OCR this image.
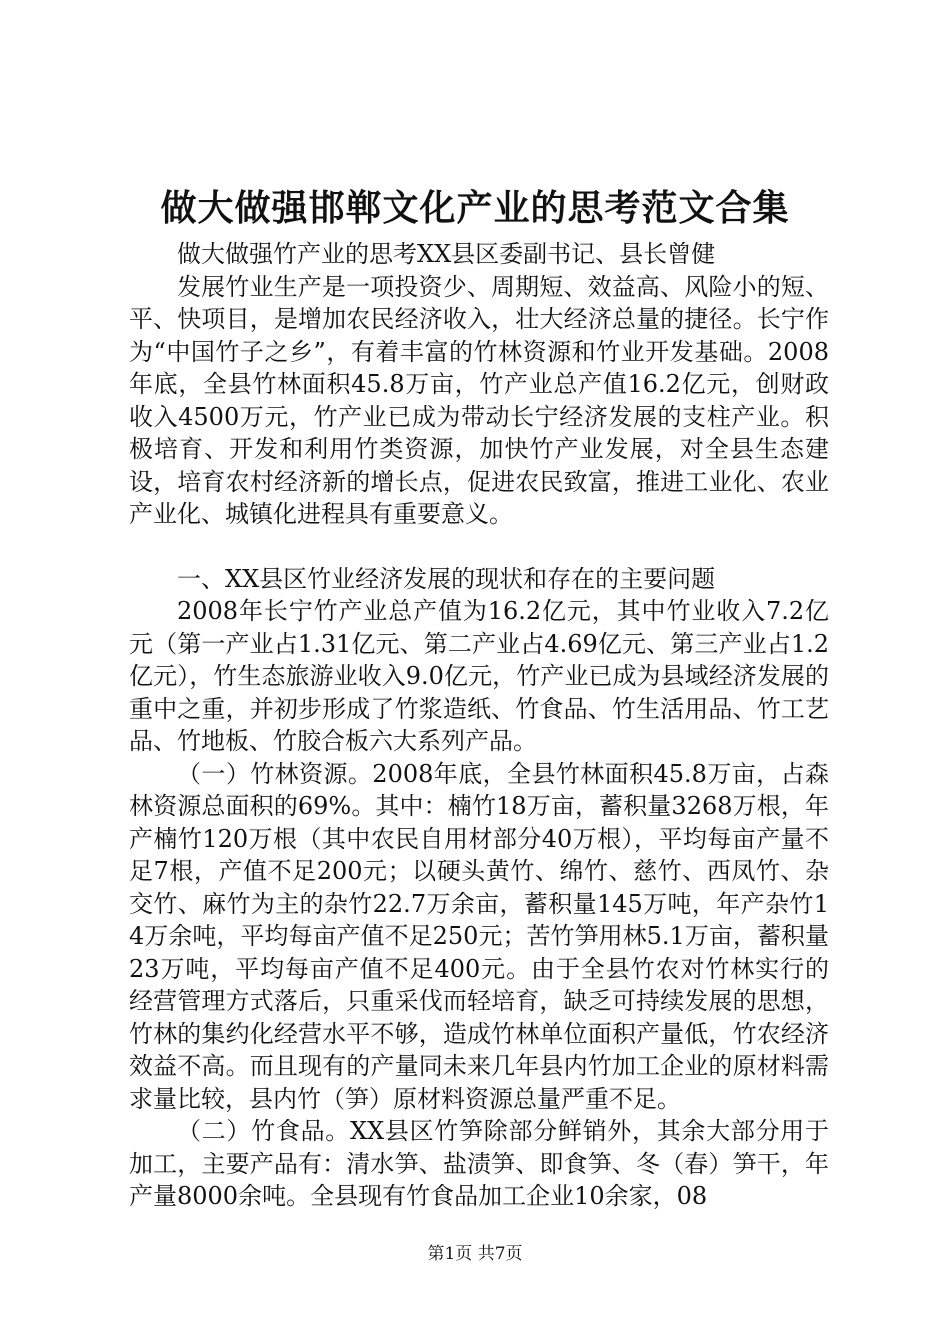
做大做强邯郸文化产业的思考范文合集

做大做强竹产业的思考XX县区委副书记、县长曾健

发展竹业生产是一项投资少、周期短、效益高、风险小的短、平、快项目，是增加农民经济收入，壮大经济总量的捷径。长宁作为“中国竹子之乡”，有着丰富的竹林资源和竹业开发基础。2008年底，全县竹林面积45.8万亩，竹产业总产值16.2亿元，创财政收入4500万元，竹产业已成为带动长宁经济发展的支柱产业。积极培育、开发和利用竹类资源，加快竹产业发展，对全县生态建设，培育农村经济新的增长点，促进农民致富，推进工业化、农业产业化、城镇化进程具有重要意义。

一、XX县区竹业经济发展的现状和存在的主要问题

2008年长宁竹产业总产值为16.2亿元，其中竹业收入7.2亿元（第一产业占1.31亿元、第二产业占4.69亿元、第三产业占1.2亿元），竹生态旅游业收入9.0亿元，竹产业已成为县域经济发展的重中之重，并初步形成了竹浆造纸、竹食品、竹生活用品、竹工艺品、竹地板、竹胶合板六大系列产品。

（一）竹林资源。2008年底，全县竹林面积45.8万亩，占森林资源总面积的69%。其中：楠竹18万亩，蓄积量3268万根，年产楠竹120万根（其中农民自用材部分40万根），平均每亩产量不足7根，产值不足200元；以硬头黄竹、绵竹、慈竹、西凤竹、杂交竹、麻竹为主的杂竹22.7万余亩，蓄积量145万吨，年产杂竹14万余吨，平均每亩产值不足250元；苦竹笋用林5.1万亩，蓄积量23万吨，平均每亩产值不足400元。由于全县竹农对竹林实行的经营管理方式落后，只重采伐而轻培育，缺乏可持续发展的思想，竹林的集约化经营水平不够，造成竹林单位面积产量低，竹农经济效益不高。而且现有的产量同未来几年县内竹加工企业的原材料需求量比较，县内竹（笋）原材料资源总量严重不足。

（二）竹食品。XX县区竹笋除部分鲜销外，其余大部分用于加工，主要产品有：清水笋、盐渍笋、即食笋、冬（春）笋干，年产量8000余吨。全县现有竹食品加工企业10余家，08

第1页 共7页
